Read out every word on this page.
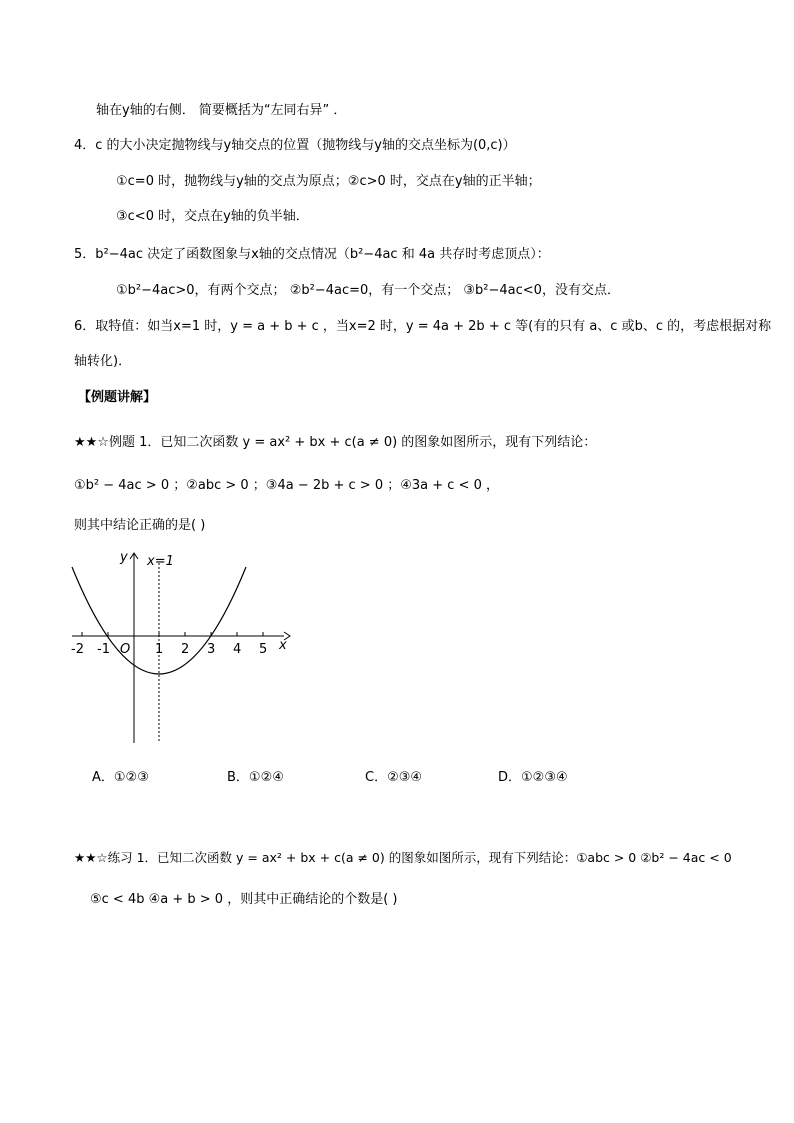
轴在y轴的右侧． 简要概括为“左同右异” ．
4．c 的大小决定抛物线与y轴交点的位置（抛物线与y轴的交点坐标为(0,c)）
①c=0 时，抛物线与y轴的交点为原点；②c>0 时，交点在y轴的正半轴；
③c<0 时，交点在y轴的负半轴．
5．b²−4ac 决定了函数图象与x轴的交点情况（b²−4ac 和 4a 共存时考虑顶点）：
①b²−4ac>0，有两个交点； ②b²−4ac=0，有一个交点； ③b²−4ac<0，没有交点．
6．取特值：如当x=1 时，y = a + b + c ，当x=2 时，y = 4a + 2b + c 等(有的只有 a、c 或b、c 的，考虑根据对称
轴转化)．
【例题讲解】
★★☆例题 1．已知二次函数 y = ax² + bx + c(a ≠ 0) 的图象如图所示，现有下列结论：
①b² − 4ac > 0 ；②abc > 0 ；③4a − 2b + c > 0 ；④3a + c < 0 ，
则其中结论正确的是( )
y x=1
x
O
-2 -1	1 2 3 4 5
A．①②③	B．①②④	C．②③④	D．①②③④
★★☆练习 1．已知二次函数 y = ax² + bx + c(a ≠ 0) 的图象如图所示，现有下列结论：①abc > 0 ②b² − 4ac < 0
⑤c < 4b ④a + b > 0 ，则其中正确结论的个数是( )
